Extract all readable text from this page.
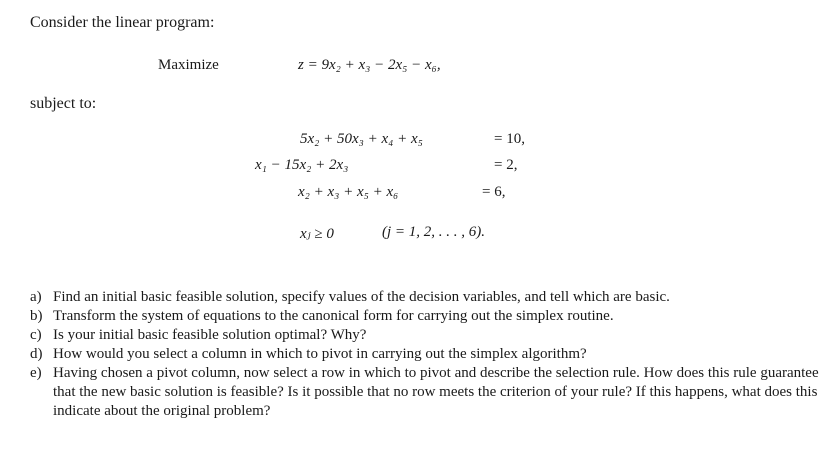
Consider the linear program:
Maximize	z = 9x₂ + x₃ − 2x₅ − x₆,
subject to:
5x₂ + 50x₃ + x₄ + x₅	= 10,
x₁ − 15x₂ + 2x₃	= 2,
x₂ + x₃ + x₅ + x₆	= 6,
xⱼ ≥ 0	(j = 1, 2, . . . , 6).
a) Find an initial basic feasible solution, specify values of the decision variables, and tell which are basic.
b) Transform the system of equations to the canonical form for carrying out the simplex routine.
c) Is your initial basic feasible solution optimal? Why?
d) How would you select a column in which to pivot in carrying out the simplex algorithm?
e) Having chosen a pivot column, now select a row in which to pivot and describe the selection rule. How does this rule guarantee that the new basic solution is feasible? Is it possible that no row meets the criterion of your rule? If this happens, what does this indicate about the original problem?
